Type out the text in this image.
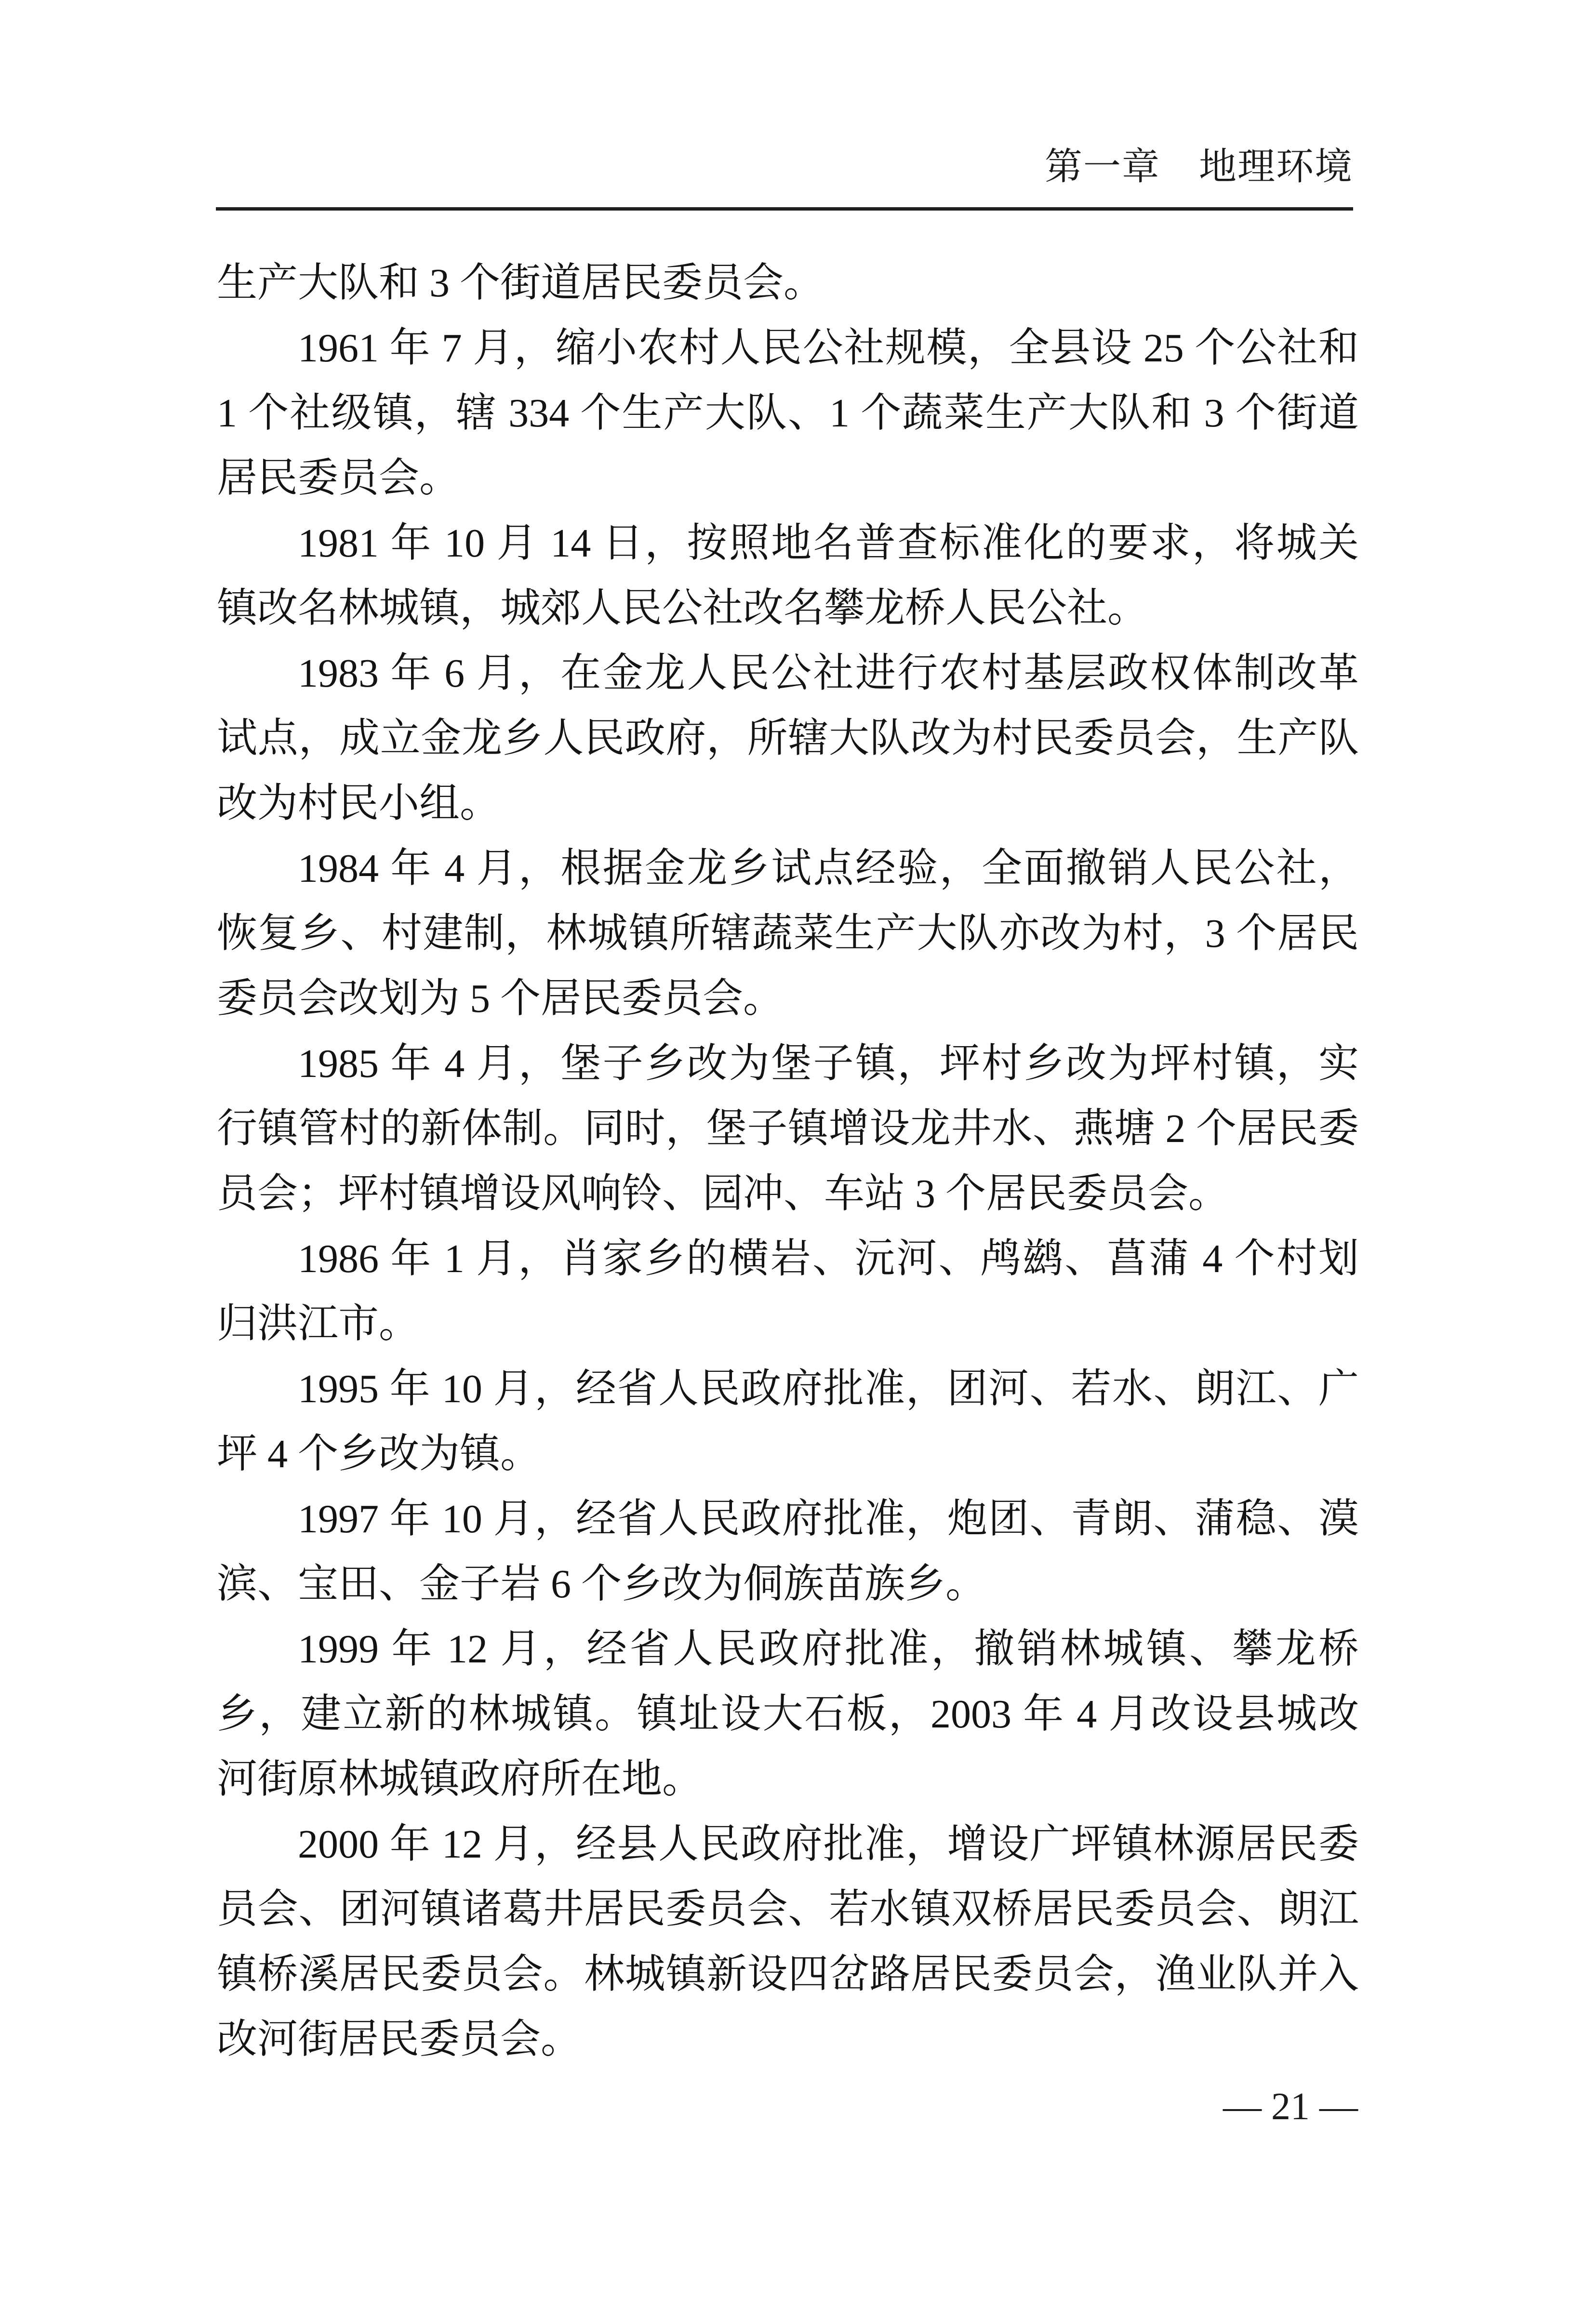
第一章　地理环境

生产大队和 3 个街道居民委员会。

1961 年 7 月，缩小农村人民公社规模，全县设 25 个公社和 1 个社级镇，辖 334 个生产大队、1 个蔬菜生产大队和 3 个街道居民委员会。

1981 年 10 月 14 日，按照地名普查标准化的要求，将城关镇改名林城镇，城郊人民公社改名攀龙桥人民公社。

1983 年 6 月，在金龙人民公社进行农村基层政权体制改革试点，成立金龙乡人民政府，所辖大队改为村民委员会，生产队改为村民小组。

1984 年 4 月，根据金龙乡试点经验，全面撤销人民公社，恢复乡、村建制，林城镇所辖蔬菜生产大队亦改为村，3 个居民委员会改划为 5 个居民委员会。

1985 年 4 月，堡子乡改为堡子镇，坪村乡改为坪村镇，实行镇管村的新体制。同时，堡子镇增设龙井水、燕塘 2 个居民委员会；坪村镇增设风响铃、园冲、车站 3 个居民委员会。

1986 年 1 月，肖家乡的横岩、沅河、鸬鹚、菖蒲 4 个村划归洪江市。

1995 年 10 月，经省人民政府批准，团河、若水、朗江、广坪 4 个乡改为镇。

1997 年 10 月，经省人民政府批准，炮团、青朗、蒲稳、漠滨、宝田、金子岩 6 个乡改为侗族苗族乡。

1999 年 12 月，经省人民政府批准，撤销林城镇、攀龙桥乡，建立新的林城镇。镇址设大石板，2003 年 4 月改设县城改河街原林城镇政府所在地。

2000 年 12 月，经县人民政府批准，增设广坪镇林源居民委员会、团河镇诸葛井居民委员会、若水镇双桥居民委员会、朗江镇桥溪居民委员会。林城镇新设四岔路居民委员会，渔业队并入改河街居民委员会。

— 21 —
